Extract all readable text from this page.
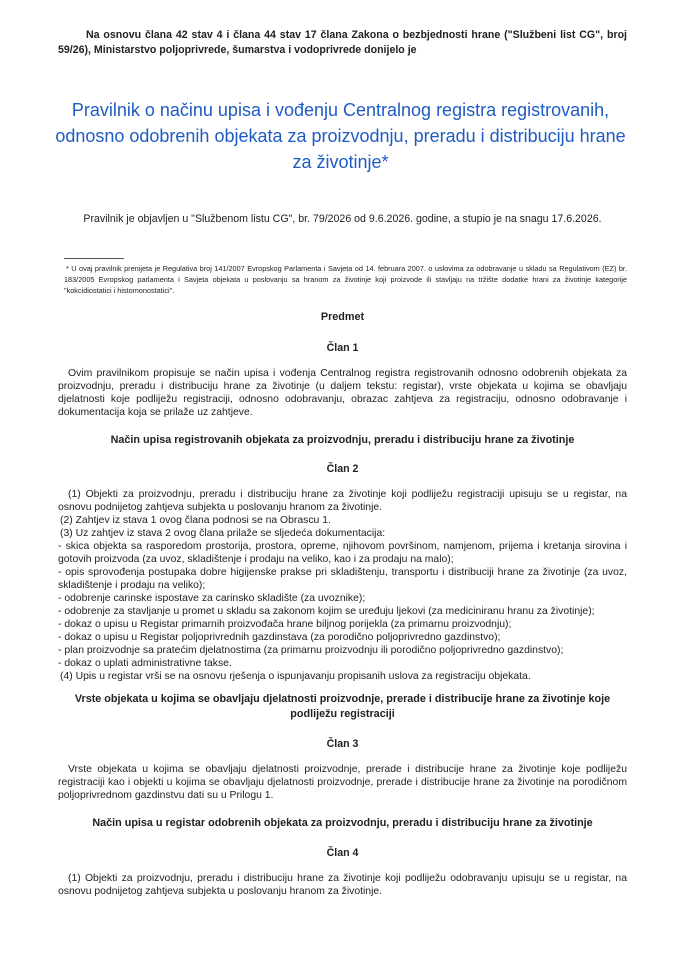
Na osnovu člana 42 stav 4 i člana 44 stav 17 člana Zakona o bezbjednosti hrane ("Službeni list CG", broj 59/26), Ministarstvo poljoprivrede, šumarstva i vodoprivrede donijelo je

Pravilnik o načinu upisa i vođenju Centralnog registra registrovanih, odnosno odobrenih objekata za proizvodnju, preradu i distribuciju hrane za životinje*
Pravilnik je objavljen u "Službenom listu CG", br. 79/2026 od 9.6.2026. godine, a stupio je na snagu 17.6.2026.
* U ovaj pravilnik prenijeta je Regulativa broj 141/2007 Evropskog Parlamenta i Savjeta od 14. februara 2007. o uslovima za odobravanje u skladu sa Regulativom (EZ) br. 183/2005 Evropskog parlamenta i Savjeta objekata u poslovanju sa hranom za životinje koji proizvode ili stavljaju na tržište dodatke hrani za životinje kategorije "kokcidiostatici i histomonostatici".
Predmet
Član 1

Ovim pravilnikom propisuje se način upisa i vođenja Centralnog registra registrovanih odnosno odobrenih objekata za proizvodnju, preradu i distribuciju hrane za životinje (u daljem tekstu: registar), vrste objekata u kojima se obavljaju djelatnosti koje podliježu registraciji, odnosno odobravanju, obrazac zahtjeva za registraciju, odnosno odobravanje i dokumentacija koja se prilaže uz zahtjeve.

Način upisa registrovanih objekata za proizvodnju, preradu i distribuciju hrane za životinje
Član 2

(1) Objekti za proizvodnju, preradu i distribuciju hrane za životinje koji podliježu registraciji upisuju se u registar, na osnovu podnijetog zahtjeva subjekta u poslovanju hranom za životinje.

(2) Zahtjev iz stava 1 ovog člana podnosi se na Obrascu 1.

(3) Uz zahtjev iz stava 2 ovog člana prilaže se sljedeća dokumentacija:

- skica objekta sa rasporedom prostorija, prostora, opreme, njihovom površinom, namjenom, prijema i kretanja sirovina i gotovih proizvoda (za uvoz, skladištenje i prodaju na veliko, kao i za prodaju na malo);

- opis sprovođenja postupaka dobre higijenske prakse pri skladištenju, transportu i distribuciji hrane za životinje (za uvoz, skladištenje i prodaju na veliko);

- odobrenje carinske ispostave za carinsko skladište (za uvoznike);

- odobrenje za stavljanje u promet u skladu sa zakonom kojim se uređuju ljekovi (za mediciniranu hranu za životinje);

- dokaz o upisu u Registar primarnih proizvođača hrane biljnog porijekla (za primarnu proizvodnju);

- dokaz o upisu u Registar poljoprivrednih gazdinstava (za porodično poljoprivredno gazdinstvo);

- plan proizvodnje sa pratećim djelatnostima (za primarnu proizvodnju ili porodično poljoprivredno gazdinstvo);

- dokaz o uplati administrativne takse.

(4) Upis u registar vrši se na osnovu rješenja o ispunjavanju propisanih uslova za registraciju objekata.

Vrste objekata u kojima se obavljaju djelatnosti proizvodnje, prerade i distribucije hrane za životinje koje podliježu registraciji
Član 3

Vrste objekata u kojima se obavljaju djelatnosti proizvodnje, prerade i distribucije hrane za životinje koje podliježu registraciji kao i objekti u kojima se obavljaju djelatnosti proizvodnje, prerade i distribucije hrane za životinje na porodičnom poljoprivrednom gazdinstvu dati su u Prilogu 1.

Način upisa u registar odobrenih objekata za proizvodnju, preradu i distribuciju hrane za životinje
Član 4

(1) Objekti za proizvodnju, preradu i distribuciju hrane za životinje koji podliježu odobravanju upisuju se u registar, na osnovu podnijetog zahtjeva subjekta u poslovanju hranom za životinje.
